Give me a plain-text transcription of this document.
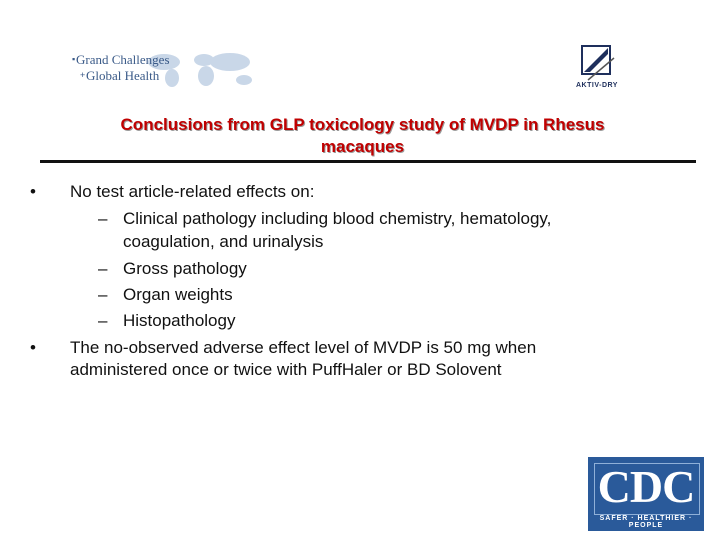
▪ Grand Challenges
+ Global Health
AKTIV-DRY
Conclusions from GLP toxicology study of MVDP in Rhesus
macaques
• No test article-related effects on:
– Clinical pathology including blood chemistry, hematology,
coagulation, and urinalysis
– Gross pathology
– Organ weights
– Histopathology
• The no-observed adverse effect level of MVDP is 50 mg when
administered once or twice with PuffHaler or BD Solovent
CDC
SAFER · HEALTHIER · PEOPLE
